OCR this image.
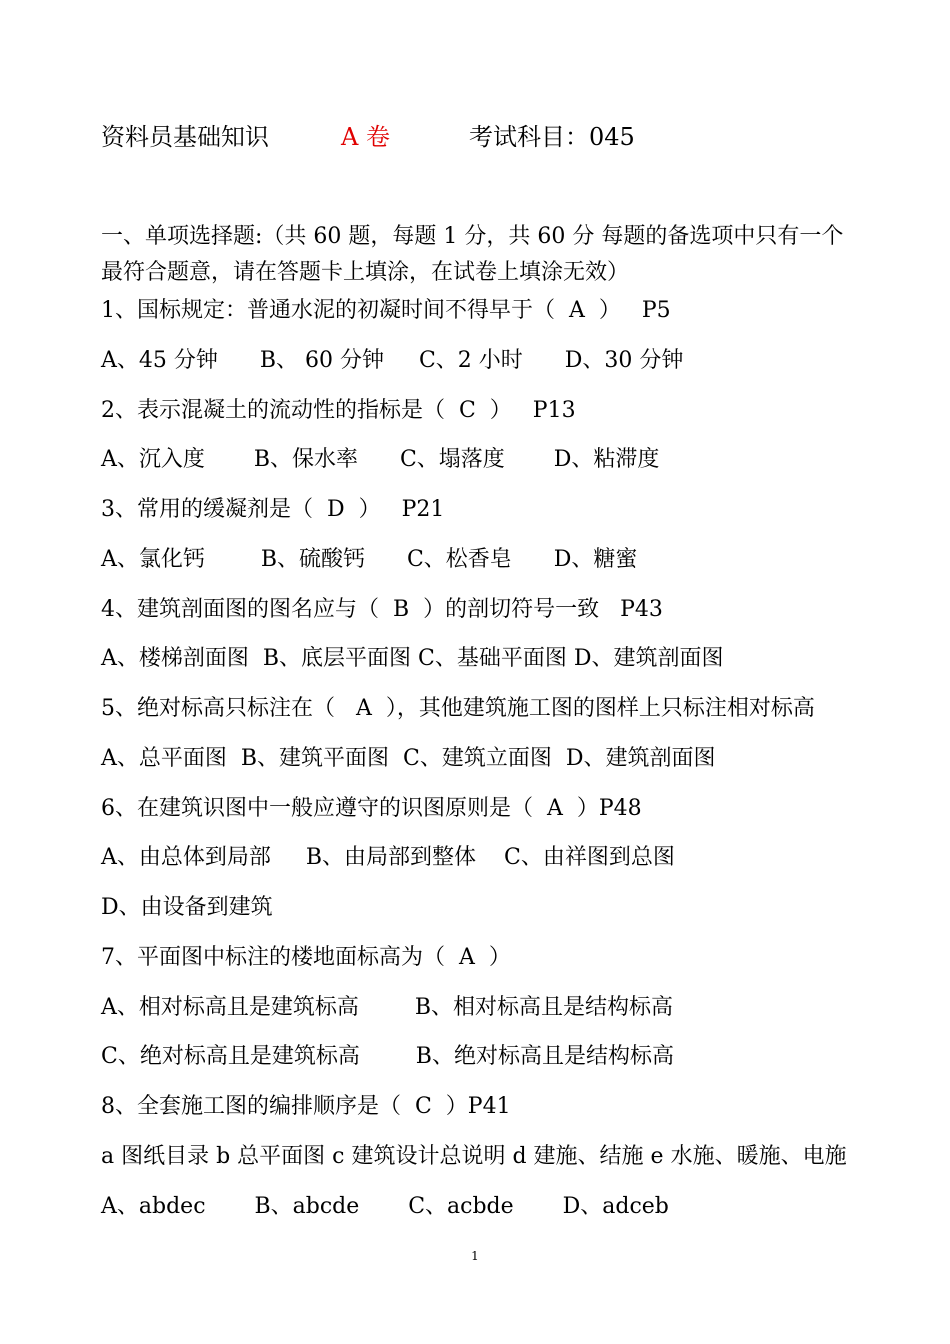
资料员基础知识	A 卷	考试科目：045
一、单项选择题:（共 60 题，每题 1 分，共 60 分 每题的备选项中只有一个最符合题意，请在答题卡上填涂，在试卷上填涂无效）
1、国标规定：普通水泥的初凝时间不得早于（  A  ）   P5
A、45 分钟      B、 60 分钟     C、2 小时      D、30 分钟
2、表示混凝土的流动性的指标是（  C  ）   P13
A、沉入度       B、保水率      C、塌落度       D、粘滞度
3、常用的缓凝剂是（  D  ）   P21
A、氯化钙        B、硫酸钙      C、松香皂      D、糖蜜
4、建筑剖面图的图名应与（  B  ）的剖切符号一致   P43
A、楼梯剖面图  B、底层平面图 C、基础平面图 D、建筑剖面图
5、绝对标高只标注在（   A  ），其他建筑施工图的图样上只标注相对标高
A、总平面图  B、建筑平面图  C、建筑立面图  D、建筑剖面图
6、在建筑识图中一般应遵守的识图原则是（  A  ）P48
A、由总体到局部     B、由局部到整体    C、由祥图到总图
D、由设备到建筑
7、平面图中标注的楼地面标高为（  A  ）
A、相对标高且是建筑标高        B、相对标高且是结构标高
C、绝对标高且是建筑标高        B、绝对标高且是结构标高
8、全套施工图的编排顺序是（  C  ）P41
a 图纸目录 b 总平面图 c 建筑设计总说明 d 建施、结施 e 水施、暖施、电施
A、abdec       B、abcde       C、acbde       D、adceb
1
